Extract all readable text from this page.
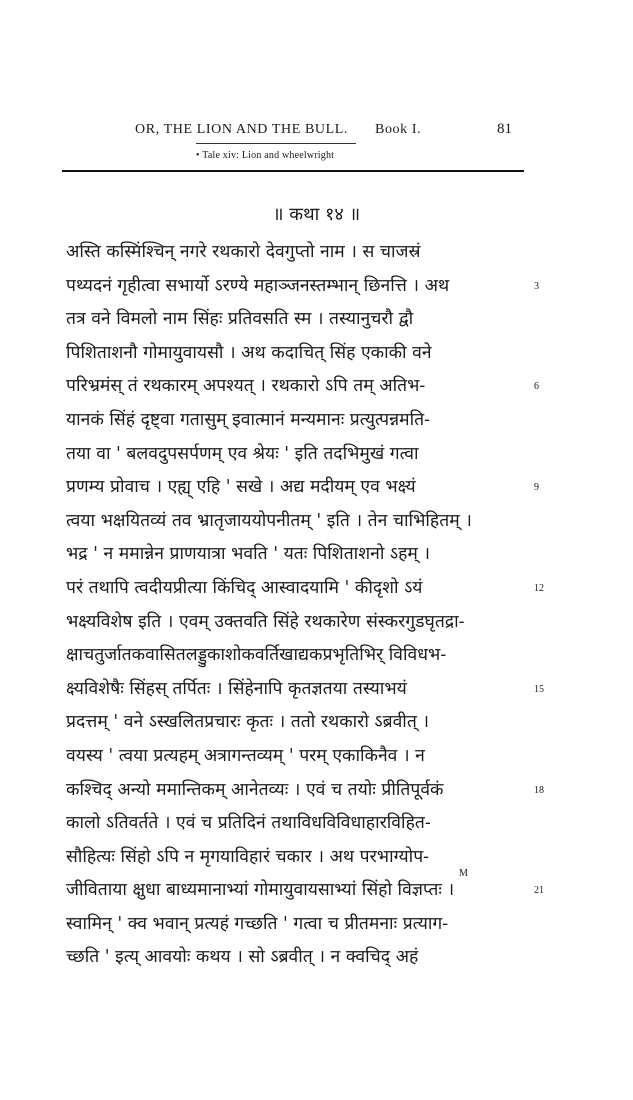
OR, THE LION AND THE BULL. Book I.	81
• Tale xiv: Lion and wheelwright
॥ कथा १४ ॥
अस्ति कस्मिंश्चिन् नगरे रथकारो देवगुप्तो नाम । स चाजस्रं
पथ्यदनं गृहीत्वा सभार्यो ऽरण्ये महाञ्जनस्तम्भान् छिनत्ति । अथ	3
तत्र वने विमलो नाम सिंहः प्रतिवसति स्म । तस्यानुचरौ द्वौ
पिशिताशनौ गोमायुवायसौ । अथ कदाचित् सिंह एकाकी वने
परिभ्रमंस् तं रथकारम् अपश्यत् । रथकारो ऽपि तम् अतिभ-	6
यानकं सिंहं दृष्ट्वा गतासुम् इवात्मानं मन्यमानः प्रत्युत्पन्नमति-
तया वा ' बलवदुपसर्पणम् एव श्रेयः ' इति तदभिमुखं गत्वा
प्रणम्य प्रोवाच । एह्य् एहि ' सखे । अद्य मदीयम् एव भक्ष्यं	9
त्वया भक्षयितव्यं तव भ्रातृजाययोपनीतम् ' इति । तेन चाभिहितम् ।
भद्र ' न ममान्नेन प्राणयात्रा भवति ' यतः पिशिताशनो ऽहम् ।
परं तथापि त्वदीयप्रीत्या किंचिद् आस्वादयामि ' कीदृशो ऽयं	12
भक्ष्यविशेष इति । एवम् उक्तवति सिंहे रथकारेण संस्करगुडघृतद्रा-
क्षाचतुर्जातकवासितलड्डुकाशोकवर्तिखाद्यकप्रभृतिभिर् विविधभ-
क्ष्यविशेषैः सिंहस् तर्पितः । सिंहेनापि कृतज्ञतया तस्याभयं	15
प्रदत्तम् ' वने ऽस्खलितप्रचारः कृतः । ततो रथकारो ऽब्रवीत् ।
वयस्य ' त्वया प्रत्यहम् अत्रागन्तव्यम् ' परम् एकाकिनैव । न
कश्चिद् अन्यो ममान्तिकम् आनेतव्यः । एवं च तयोः प्रीतिपूर्वकं	18
कालो ऽतिवर्तते । एवं च प्रतिदिनं तथाविधविविधाहारविहित-
सौहित्यः सिंहो ऽपि न मृगयाविहारं चकार । अथ परभाग्योप-
जीविताया क्षुधा बाध्यमानाभ्यां गोमायुवायसाभ्यां सिंहो विज्ञप्तः ।	21
स्वामिन् ' क्व भवान् प्रत्यहं गच्छति ' गत्वा च प्रीतमनाः प्रत्याग-
च्छति ' इत्य् आवयोः कथय । सो ऽब्रवीत् । न क्वचिद् अहं
M
